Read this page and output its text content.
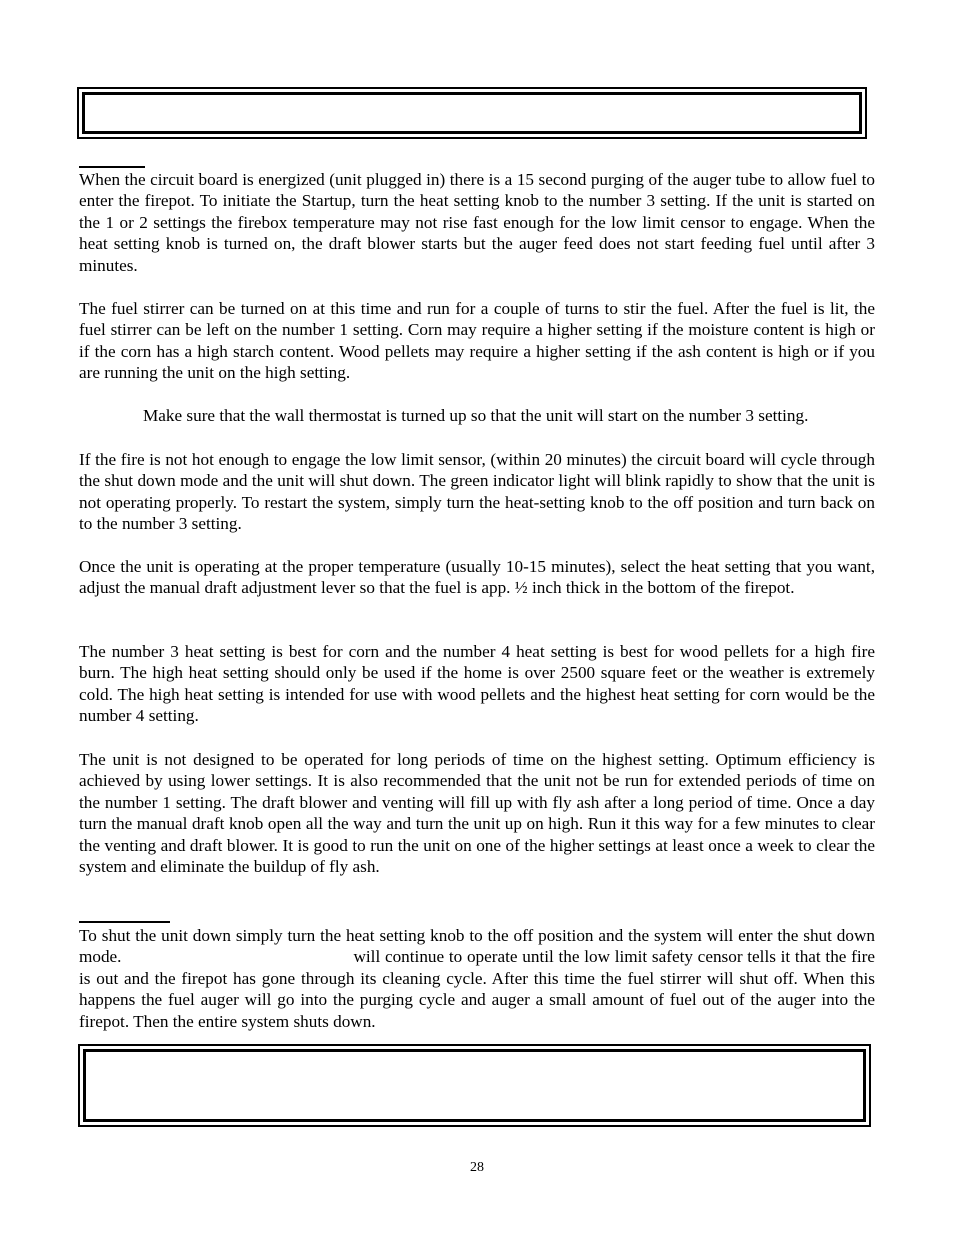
When the circuit board is energized (unit plugged in) there is a 15 second purging of the auger tube to allow fuel to enter the firepot. To initiate the Startup, turn the heat setting knob to the number 3 setting. If the unit is started on the 1 or 2 settings the firebox temperature may not rise fast enough for the low limit censor to engage. When the heat setting knob is turned on, the draft blower starts but the auger feed does not start feeding fuel until after 3 minutes.

The fuel stirrer can be turned on at this time and run for a couple of turns to stir the fuel. After the fuel is lit, the fuel stirrer can be left on the number 1 setting. Corn may require a higher setting if the moisture content is high or if the corn has a high starch content. Wood pellets may require a higher setting if the ash content is high or if you are running the unit on the high setting.

Make sure that the wall thermostat is turned up so that the unit will start on the number 3 setting.

If the fire is not hot enough to engage the low limit sensor, (within 20 minutes) the circuit board will cycle through the shut down mode and the unit will shut down. The green indicator light will blink rapidly to show that the unit is not operating properly. To restart the system, simply turn the heat-setting knob to the off position and turn back on to the number 3 setting.

Once the unit is operating at the proper temperature (usually 10-15 minutes), select the heat setting that you want, adjust the manual draft adjustment lever so that the fuel is app. ½ inch thick in the bottom of the firepot.

The number 3 heat setting is best for corn and the number 4 heat setting is best for wood pellets for a high fire burn. The high heat setting should only be used if the home is over 2500 square feet or the weather is extremely cold. The high heat setting is intended for use with wood pellets and the highest heat setting for corn would be the number 4 setting.

The unit is not designed to be operated for long periods of time on the highest setting. Optimum efficiency is achieved by using lower settings. It is also recommended that the unit not be run for extended periods of time on the number 1 setting. The draft blower and venting will fill up with fly ash after a long period of time. Once a day turn the manual draft knob open all the way and turn the unit up on high. Run it this way for a few minutes to clear the venting and draft blower. It is good to run the unit on one of the higher settings at least once a week to clear the system and eliminate the buildup of fly ash.

To shut the unit down simply turn the heat setting knob to the off position and the system will enter the shut down mode.	will continue to operate until the low limit safety censor tells it that the fire is out and the firepot has gone through its cleaning cycle. After this time the fuel stirrer will shut off. When this happens the fuel auger will go into the purging cycle and auger a small amount of fuel out of the auger into the firepot. Then the entire system shuts down.

28
